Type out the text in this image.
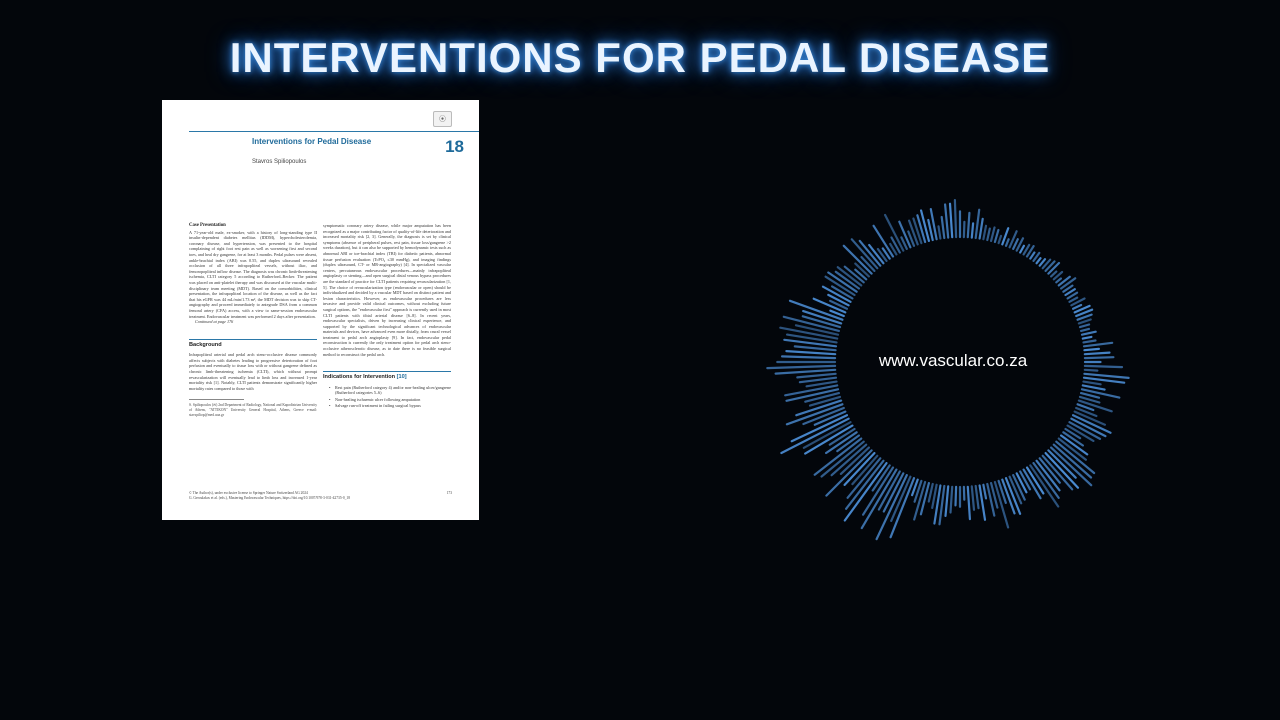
INTERVENTIONS FOR PEDAL DISEASE
⦿
Interventions for Pedal Disease	18
Stavros Spiliopoulos

Case Presentation

A 71-year-old male, ex-smoker, with a history of long-standing type II insulin-dependent diabetes mellitus (IDDM), hypercholesterolemia, coronary disease, and hypertension, was presented to the hospital complaining of right foot rest pain as well as worsening first and second toes, and heal dry gangrene, for at least 3 months. Pedal pulses were absent, ankle-brachial index (ABI) was 0.55, and duplex ultrasound revealed occlusion of all three infrapopliteal vessels, without iliac, and femoropopliteal inflow disease. The diagnosis was chronic limb-threatening ischemia, CLTI category 5 according to Rutherford–Becker. The patient was placed on anti-platelet therapy and was discussed at the vascular multi-disciplinary team meeting (MDT). Based on the comorbidities, clinical presentation, the infrapopliteal location of the disease, as well as the fact that his eGFR was 44 mL/min/1.73 m², the MDT decision was to skip CT-angiography and proceed immediately to antegrade DSA from a common femoral artery (CFA) access, with a view to same-session endovascular treatment. Endovascular treatment was performed 2 days after presentation.

Continued at page 176

Background

Infrapopliteal arterial and pedal arch steno-occlusive disease commonly affects subjects with diabetes leading to progressive deterioration of foot perfusion and eventually to tissue loss with or without gangrene defined as chronic limb-threatening ischemia (CLTI), which without prompt revascularization will eventually lead to limb loss and increased 1-year mortality risk [1]. Notably, CLTI patients demonstrate significantly higher mortality rates compared to those with

S. Spiliopoulos (✉) 2nd Department of Radiology, National and Kapodistrian University of Athens, "ATTIKON" University General Hospital, Athens, Greece e-mail: stavspiliop@med.uoa.gr

symptomatic coronary artery disease, while major amputation has been recognized as a major contributing factor of quality-of-life deterioration and increased mortality risk [2, 3]. Generally, the diagnosis is set by clinical symptoms (absence of peripheral pulses, rest pain, tissue loss/gangrene >2 weeks duration), but it can also be supported by hemodynamic tests such as abnormal ABI or toe-brachial index (TBI) for diabetic patients, abnormal tissue perfusion evaluation (TcPO₂ ≤30 mmHg), and imaging findings (duplex ultrasound, CT- or MR-angiography) [4]. In specialized vascular centers, percutaneous endovascular procedures—mainly infrapopliteal angioplasty or stenting—and open surgical distal venous bypass procedures are the standard of practice for CLTI patients requiring revascularization [1, 5]. The choice of revascularization type (endovascular or open) should be individualized and decided by a vascular MDT based on distinct patient and lesion characteristics. However, as endovascular procedures are less invasive and provide valid clinical outcomes, without excluding future surgical options, the "endovascular first" approach is currently used in most CLTI patients with tibial arterial disease [6–8]. In recent years, endovascular specialists, driven by increasing clinical experience, and supported by the significant technological advances of endovascular materials and devices, have advanced even more distally, from crural vessel treatment to pedal arch angioplasty [9]. In fact, endovascular pedal reconstruction is currently the only treatment option for pedal arch steno-occlusive atherosclerotic disease, as to date there is no feasible surgical method to reconstruct the pedal arch.

Indications for Intervention [10]
• Rest pain (Rutherford category 4) and/or non-healing ulcer/gangrene (Rutherford categories 5–6)
• Non-healing ischaemic ulcer following amputation
• Salvage run-off treatment in failing surgical bypass
© The Author(s), under exclusive license to Springer Nature Switzerland AG 2024
G. Geroulakos et al. (eds.), Mastering Endovascular Techniques, https://doi.org/10.1007/978-3-031-42735-0_18
173
www.vascular.co.za
